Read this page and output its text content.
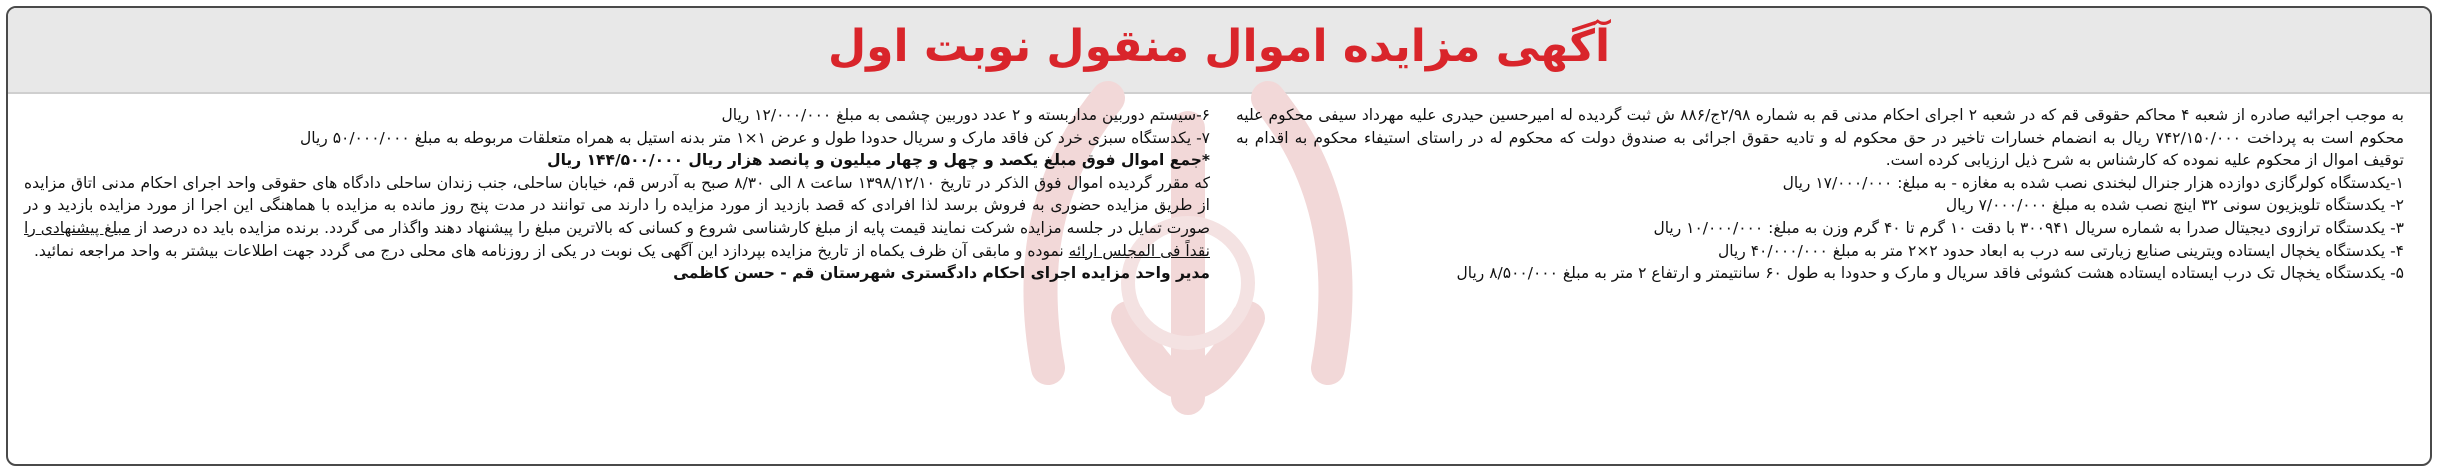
آگهی مزایده اموال منقول نوبت اول

به موجب اجرائیه صادره از شعبه ۴ محاکم حقوقی قم که در شعبه ۲ اجرای احکام مدنی قم به شماره ۲/۹۸ج/۸۸۶ ش ثبت گردیده له امیرحسین حیدری علیه مهرداد سیفی محکوم علیه محکوم است به پرداخت ۷۴۲/۱۵۰/۰۰۰ ریال به انضمام خسارات تاخیر در حق محکوم له و تادیه حقوق اجرائی به صندوق دولت که محکوم له در راستای استیفاء محکوم به اقدام به توقیف اموال از محکوم علیه نموده که کارشناس به شرح ذیل ارزیابی کرده است.

۱-یکدستگاه کولرگازی دوازده هزار جنرال لبخندی نصب شده به مغازه - به مبلغ: ۱۷/۰۰۰/۰۰۰ ریال

۲- یکدستگاه تلویزیون سونی ۳۲ اینچ نصب شده به مبلغ ۷/۰۰۰/۰۰۰ ریال

۳- یکدستگاه ترازوی دیجیتال صدرا به شماره سریال ۳۰۰۹۴۱ با دقت ۱۰ گرم تا ۴۰ گرم وزن به مبلغ: ۱۰/۰۰۰/۰۰۰ ریال

۴- یکدستگاه یخچال ایستاده ویترینی صنایع زیارتی سه درب به ابعاد حدود ۲×۲ متر به مبلغ ۴۰/۰۰۰/۰۰۰ ریال

۵- یکدستگاه یخچال تک درب ایستاده ایستاده هشت کشوئی فاقد سریال و مارک و حدودا به طول ۶۰ سانتیمتر و ارتفاع ۲ متر به مبلغ ۸/۵۰۰/۰۰۰ ریال

۶-سیستم دوربین مداربسته و ۲ عدد دوربین چشمی به مبلغ ۱۲/۰۰۰/۰۰۰ ریال

۷- یکدستگاه سبزی خرد کن فاقد مارک و سریال حدودا طول و عرض ۱×۱ متر بدنه استیل به همراه متعلقات مربوطه به مبلغ ۵۰/۰۰۰/۰۰۰ ریال

*جمع اموال فوق مبلغ یکصد و چهل و چهار میلیون و پانصد هزار ریال ۱۴۴/۵۰۰/۰۰۰ ریال

که مقرر گردیده اموال فوق الذکر در تاریخ ۱۳۹۸/۱۲/۱۰ ساعت ۸ الی ۸/۳۰ صبح به آدرس قم، خیابان ساحلی، جنب زندان ساحلی دادگاه های حقوقی واحد اجرای احکام مدنی اتاق مزایده از طریق مزایده حضوری به فروش برسد لذا افرادی که قصد بازدید از مورد مزایده را دارند می توانند در مدت پنج روز مانده به مزایده با هماهنگی این اجرا از مورد مزایده بازدید و در صورت تمایل در جلسه مزایده شرکت نمایند قیمت پایه از مبلغ کارشناسی شروع و کسانی که بالاترین مبلغ را پیشنهاد دهند واگذار می گردد. برنده مزایده باید ده درصد از مبلغ پیشنهادی را نقداً فی المجلس ارائه نموده و مابقی آن ظرف یکماه از تاریخ مزایده بپردازد این آگهی یک نوبت در یکی از روزنامه های محلی درج می گردد جهت اطلاعات بیشتر به واحد مراجعه نمائید.

مدیر واحد مزایده اجرای احکام دادگستری شهرستان قم - حسن کاظمی
